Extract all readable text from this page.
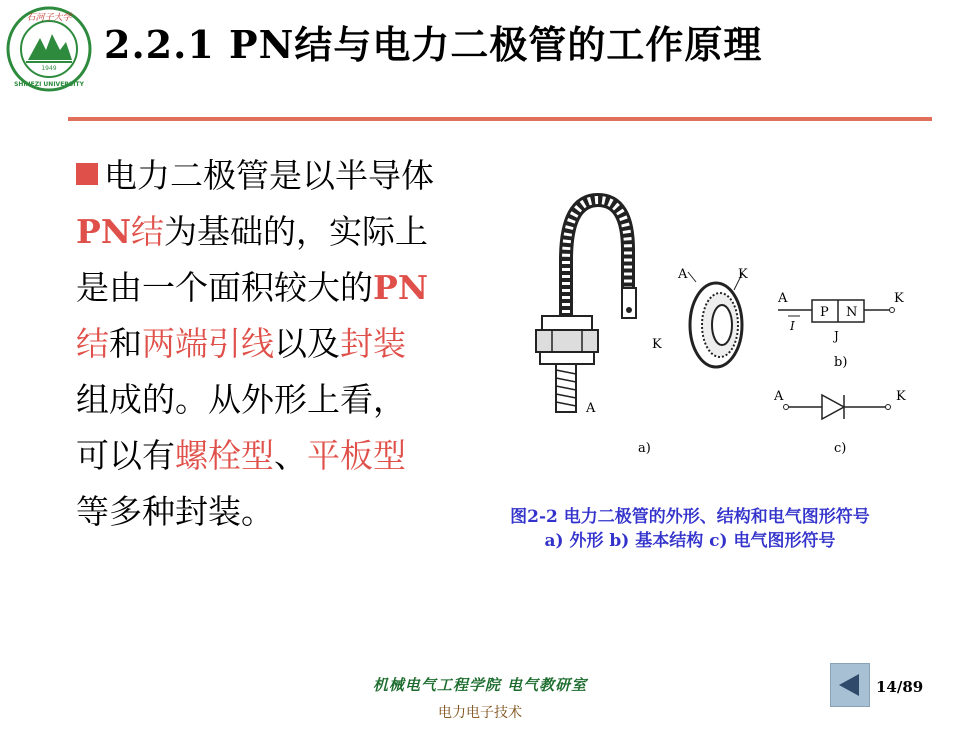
1949
石河子大学
SHIHEZI UNIVERSITY
2.2.1 PN结与电力二极管的工作原理
电力二极管是以半导体PN结为基础的，实际上是由一个面积较大的PN结和两端引线以及封装组成的。从外形上看，可以有螺栓型、平板型等多种封装。
A
K
a)
A	K
A	K
P N
I
J
b)
A	K
c)
图2-2 电力二极管的外形、结构和电气图形符号
a) 外形 b) 基本结构 c) 电气图形符号
机械电气工程学院 电气教研室
电力电子技术
14/89
